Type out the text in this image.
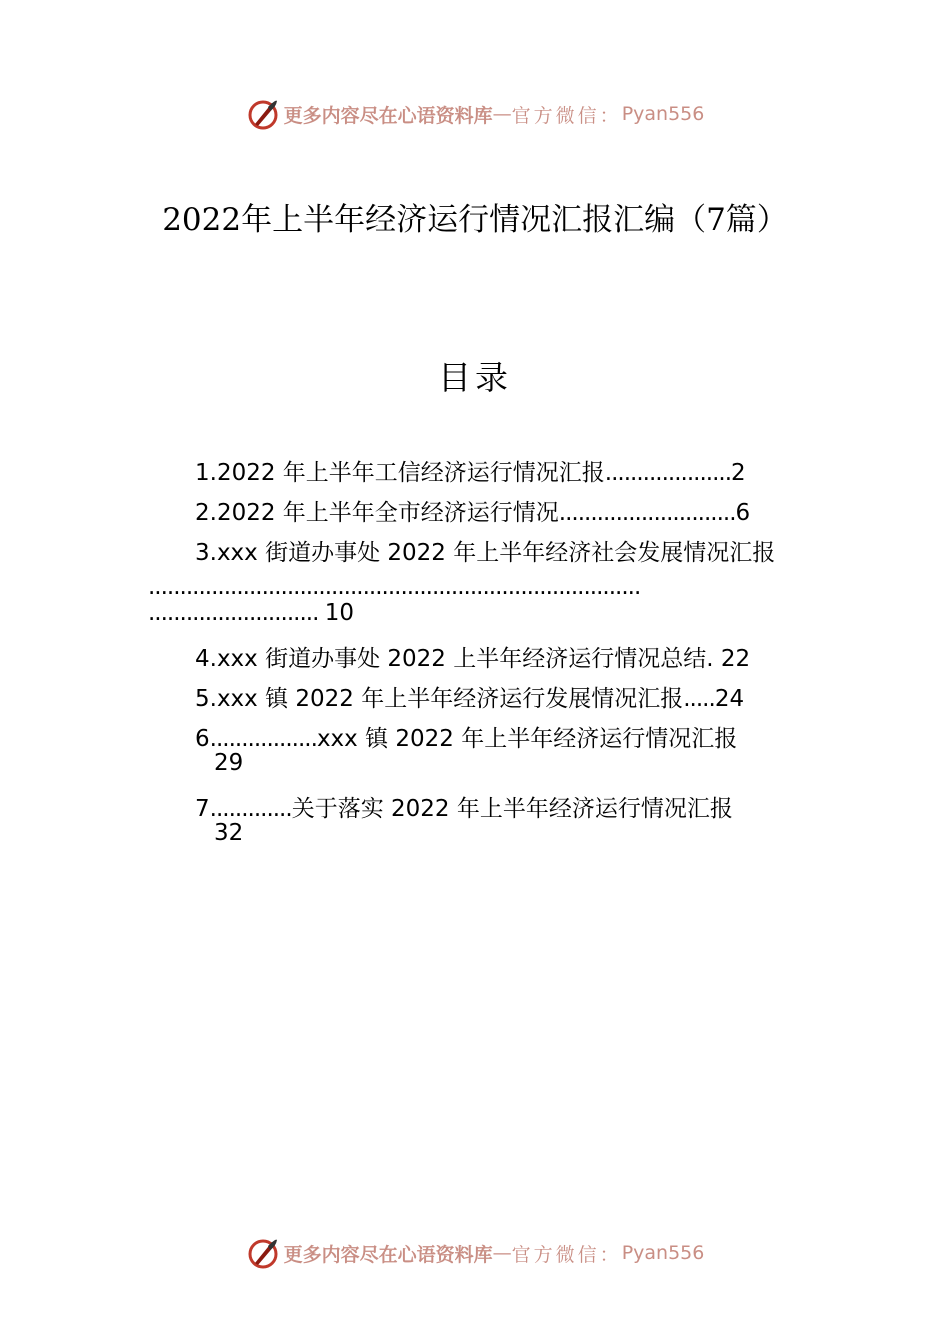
更多内容尽在心语资料库 — 官方微信： Pyan556
2022年上半年经济运行情况汇报汇编（7篇）
目录
1.2022 年上半年工信经济运行情况汇报....................2
2.2022 年上半年全市经济运行情况............................6
3.xxx 街道办事处 2022 年上半年经济社会发展情况汇报
..............................................................................
........................... 10
4.xxx 街道办事处 2022 上半年经济运行情况总结. 22
5.xxx 镇 2022 年上半年经济运行发展情况汇报.....24
6.................xxx 镇 2022 年上半年经济运行情况汇报
29
7.............关于落实 2022 年上半年经济运行情况汇报
32
更多内容尽在心语资料库 — 官方微信： Pyan556
